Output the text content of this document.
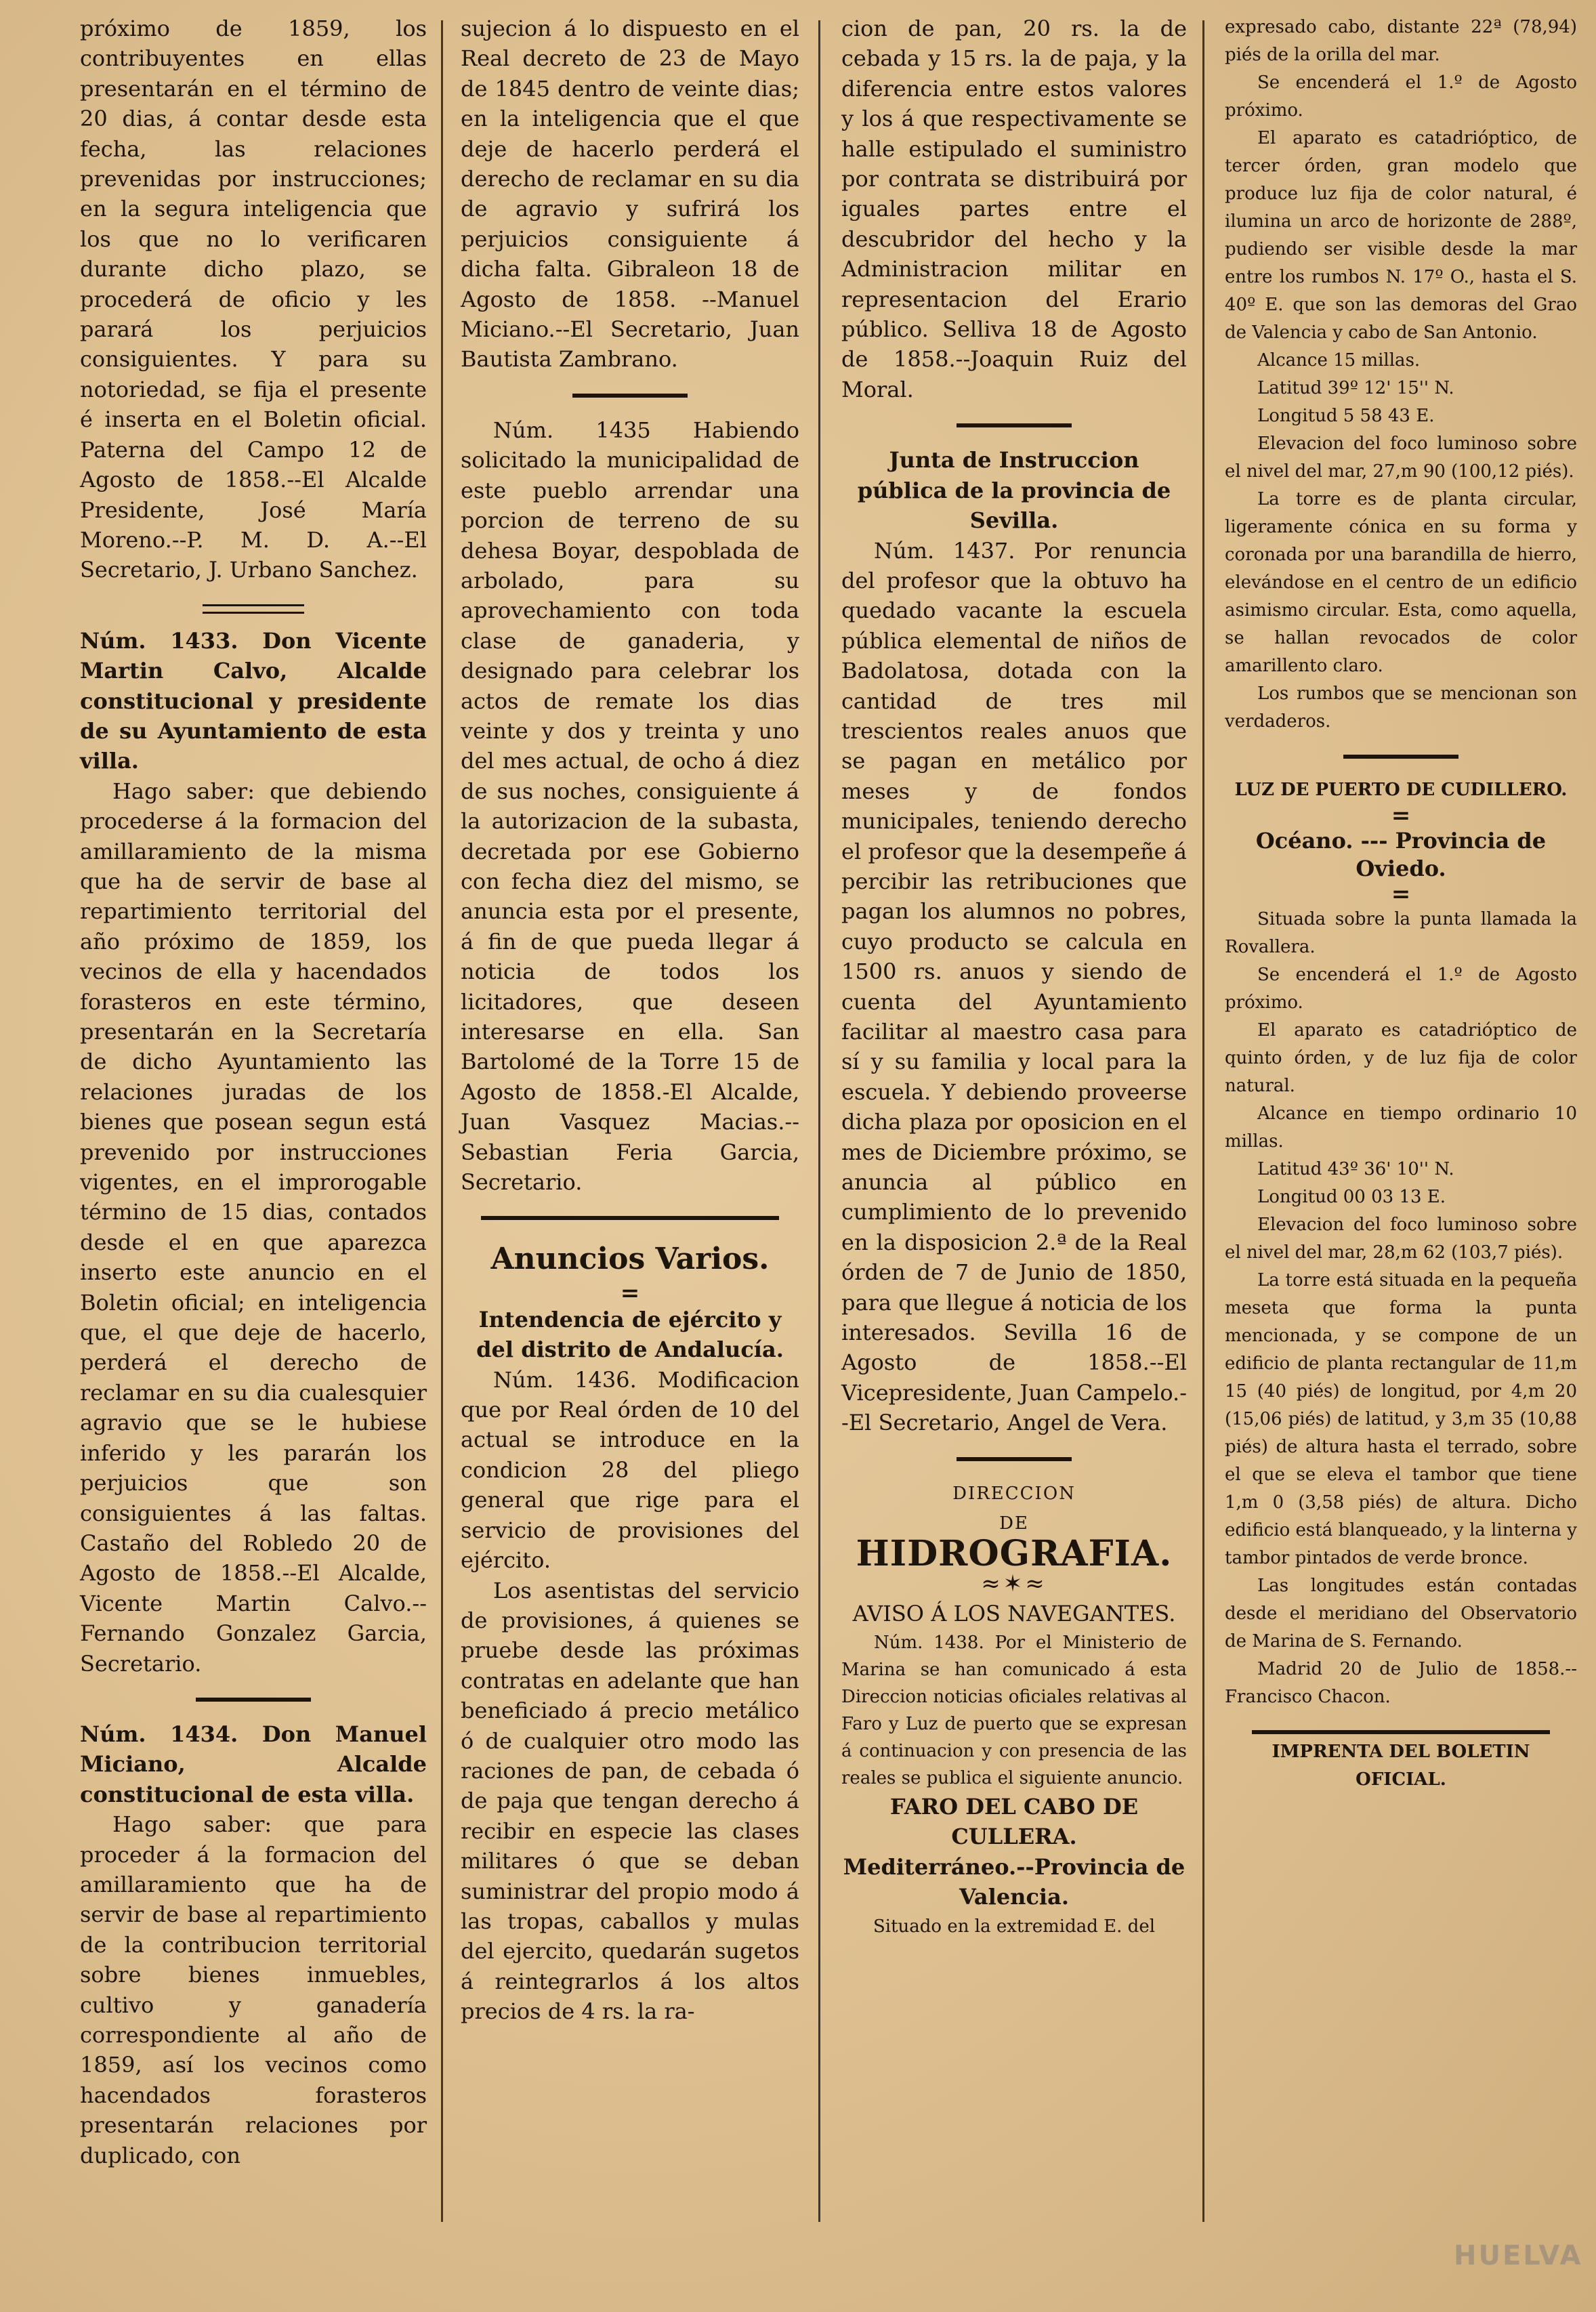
próximo de 1859, los contribuyentes en ellas presentarán en el término de 20 dias, á contar desde esta fecha, las relaciones prevenidas por instrucciones; en la segura inteligencia que los que no lo verificaren durante dicho plazo, se procederá de oficio y les parará los perjuicios consiguientes. Y para su notoriedad, se fija el presente é inserta en el Boletin oficial. Paterna del Campo 12 de Agosto de 1858.--El Alcalde Presidente, José María Moreno.--P. M. D. A.--El Secretario, J. Urbano Sanchez.

Núm. 1433. Don Vicente Martin Calvo, Alcalde constitucional y presidente de su Ayuntamiento de esta villa.

Hago saber: que debiendo procederse á la formacion del amillaramiento de la misma que ha de servir de base al repartimiento territorial del año próximo de 1859, los vecinos de ella y hacendados forasteros en este término, presentarán en la Secretaría de dicho Ayuntamiento las relaciones juradas de los bienes que posean segun está prevenido por instrucciones vigentes, en el improrogable término de 15 dias, contados desde el en que aparezca inserto este anuncio en el Boletin oficial; en inteligencia que, el que deje de hacerlo, perderá el derecho de reclamar en su dia cualesquier agravio que se le hubiese inferido y les pararán los perjuicios que son consiguientes á las faltas. Castaño del Robledo 20 de Agosto de 1858.--El Alcalde, Vicente Martin Calvo.--Fernando Gonzalez Garcia, Secretario.

Núm. 1434. Don Manuel Miciano, Alcalde constitucional de esta villa.

Hago saber: que para proceder á la formacion del amillaramiento que ha de servir de base al repartimiento de la contribucion territorial sobre bienes inmuebles, cultivo y ganadería correspondiente al año de 1859, así los vecinos como hacendados forasteros presentarán relaciones por duplicado, con

sujecion á lo dispuesto en el Real decreto de 23 de Mayo de 1845 dentro de veinte dias; en la inteligencia que el que deje de hacerlo perderá el derecho de reclamar en su dia de agravio y sufrirá los perjuicios consiguiente á dicha falta. Gibraleon 18 de Agosto de 1858. --Manuel Miciano.--El Secretario, Juan Bautista Zambrano.

Núm. 1435 Habiendo solicitado la municipalidad de este pueblo arrendar una porcion de terreno de su dehesa Boyar, despoblada de arbolado, para su aprovechamiento con toda clase de ganaderia, y designado para celebrar los actos de remate los dias veinte y dos y treinta y uno del mes actual, de ocho á diez de sus noches, consiguiente á la autorizacion de la subasta, decretada por ese Gobierno con fecha diez del mismo, se anuncia esta por el presente, á fin de que pueda llegar á noticia de todos los licitadores, que deseen interesarse en ella. San Bartolomé de la Torre 15 de Agosto de 1858.-El Alcalde, Juan Vasquez Macias.--Sebastian Feria Garcia, Secretario.

Anuncios Varios.
=

Intendencia de ejército y del distrito de Andalucía.

Núm. 1436. Modificacion que por Real órden de 10 del actual se introduce en la condicion 28 del pliego general que rige para el servicio de provisiones del ejército.

Los asentistas del servicio de provisiones, á quienes se pruebe desde las próximas contratas en adelante que han beneficiado á precio metálico ó de cualquier otro modo las raciones de pan, de cebada ó de paja que tengan derecho á recibir en especie las clases militares ó que se deban suministrar del propio modo á las tropas, caballos y mulas del ejercito, quedarán sugetos á reintegrarlos á los altos precios de 4 rs. la ra-

cion de pan, 20 rs. la de cebada y 15 rs. la de paja, y la diferencia entre estos valores y los á que respectivamente se halle estipulado el suministro por contrata se distribuirá por iguales partes entre el descubridor del hecho y la Administracion militar en representacion del Erario público. Selliva 18 de Agosto de 1858.--Joaquin Ruiz del Moral.

Junta de Instruccion pública de la provincia de Sevilla.

Núm. 1437. Por renuncia del profesor que la obtuvo ha quedado vacante la escuela pública elemental de niños de Badolatosa, dotada con la cantidad de tres mil trescientos reales anuos que se pagan en metálico por meses y de fondos municipales, teniendo derecho el profesor que la desempeñe á percibir las retribuciones que pagan los alumnos no pobres, cuyo producto se calcula en 1500 rs. anuos y siendo de cuenta del Ayuntamiento facilitar al maestro casa para sí y su familia y local para la escuela. Y debiendo proveerse dicha plaza por oposicion en el mes de Diciembre próximo, se anuncia al público en cumplimiento de lo prevenido en la disposicion 2.ª de la Real órden de 7 de Junio de 1850, para que llegue á noticia de los interesados. Sevilla 16 de Agosto de 1858.--El Vicepresidente, Juan Campelo.--El Secretario, Angel de Vera.

DIRECCION

DE

HIDROGRAFIA.
≈✶≈

AVISO Á LOS NAVEGANTES.

Núm. 1438. Por el Ministerio de Marina se han comunicado á esta Direccion noticias oficiales relativas al Faro y Luz de puerto que se expresan á continuacion y con presencia de las reales se publica el siguiente anuncio.

FARO DEL CABO DE CULLERA.

Mediterráneo.--Provincia de Valencia.

Situado en la extremidad E. del

expresado cabo, distante 22ª (78,94) piés de la orilla del mar.

Se encenderá el 1.º de Agosto próximo.

El aparato es catadrióptico, de tercer órden, gran modelo que produce luz fija de color natural, é ilumina un arco de horizonte de 288º, pudiendo ser visible desde la mar entre los rumbos N. 17º O., hasta el S. 40º E. que son las demoras del Grao de Valencia y cabo de San Antonio.

Alcance 15 millas.

Latitud 39º 12' 15'' N.

Longitud 5 58 43 E.

Elevacion del foco luminoso sobre el nivel del mar, 27,m 90 (100,12 piés).

La torre es de planta circular, ligeramente cónica en su forma y coronada por una barandilla de hierro, elevándose en el centro de un edificio asimismo circular. Esta, como aquella, se hallan revocados de color amarillento claro.

Los rumbos que se mencionan son verdaderos.

LUZ DE PUERTO DE CUDILLERO.

=

Océano. --- Provincia de Oviedo.

=

Situada sobre la punta llamada la Rovallera.

Se encenderá el 1.º de Agosto próximo.

El aparato es catadrióptico de quinto órden, y de luz fija de color natural.

Alcance en tiempo ordinario 10 millas.

Latitud 43º 36' 10'' N.

Longitud 00 03 13 E.

Elevacion del foco luminoso sobre el nivel del mar, 28,m 62 (103,7 piés).

La torre está situada en la pequeña meseta que forma la punta mencionada, y se compone de un edificio de planta rectangular de 11,m 15 (40 piés) de longitud, por 4,m 20 (15,06 piés) de latitud, y 3,m 35 (10,88 piés) de altura hasta el terrado, sobre el que se eleva el tambor que tiene 1,m 0 (3,58 piés) de altura. Dicho edificio está blanqueado, y la linterna y tambor pintados de verde bronce.

Las longitudes están contadas desde el meridiano del Observatorio de Marina de S. Fernando.

Madrid 20 de Julio de 1858.--Francisco Chacon.

IMPRENTA DEL BOLETIN OFICIAL.

HUELVA
